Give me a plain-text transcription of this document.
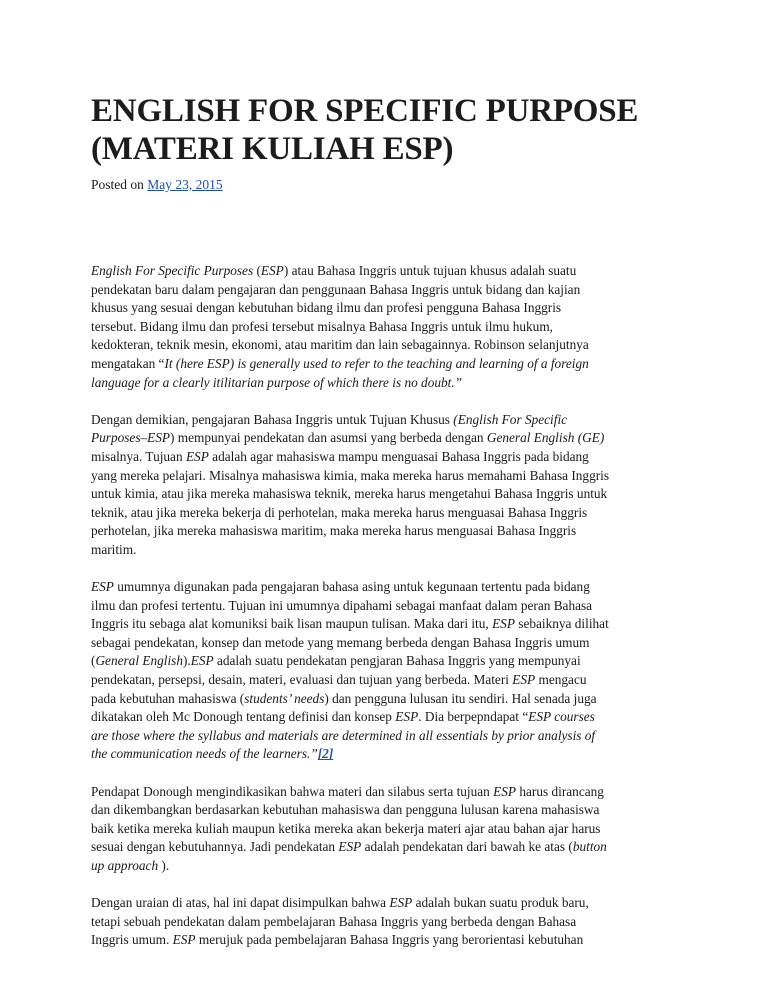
ENGLISH FOR SPECIFIC PURPOSE
(MATERI KULIAH ESP)
Posted on May 23, 2015

English For Specific Purposes (ESP) atau Bahasa Inggris untuk tujuan khusus adalah suatu
pendekatan baru dalam pengajaran dan penggunaan Bahasa Inggris untuk bidang dan kajian
khusus yang sesuai dengan kebutuhan bidang ilmu dan profesi pengguna Bahasa Inggris
tersebut. Bidang ilmu dan profesi tersebut misalnya Bahasa Inggris untuk ilmu hukum,
kedokteran, teknik mesin, ekonomi, atau maritim dan lain sebagainnya. Robinson selanjutnya
mengatakan “It (here ESP) is generally used to refer to the teaching and learning of a foreign
language for a clearly itilitarian purpose of which there is no doubt.”

Dengan demikian, pengajaran Bahasa Inggris untuk Tujuan Khusus (English For Specific
Purposes–ESP) mempunyai pendekatan dan asumsi yang berbeda dengan General English (GE)
misalnya. Tujuan ESP adalah agar mahasiswa mampu menguasai Bahasa Inggris pada bidang
yang mereka pelajari. Misalnya mahasiswa kimia, maka mereka harus memahami Bahasa Inggris
untuk kimia, atau jika mereka mahasiswa teknik, mereka harus mengetahui Bahasa Inggris untuk
teknik, atau jika mereka bekerja di perhotelan, maka mereka harus menguasai Bahasa Inggris
perhotelan, jika mereka mahasiswa maritim, maka mereka harus menguasai Bahasa Inggris
maritim.

ESP umumnya digunakan pada pengajaran bahasa asing untuk kegunaan tertentu pada bidang
ilmu dan profesi tertentu. Tujuan ini umumnya dipahami sebagai manfaat dalam peran Bahasa
Inggris itu sebaga alat komuniksi baik lisan maupun tulisan. Maka dari itu, ESP sebaiknya dilihat
sebagai pendekatan, konsep dan metode yang memang berbeda dengan Bahasa Inggris umum
(General English).ESP adalah suatu pendekatan pengjaran Bahasa Inggris yang mempunyai
pendekatan, persepsi, desain, materi, evaluasi dan tujuan yang berbeda. Materi ESP mengacu
pada kebutuhan mahasiswa (students’ needs) dan pengguna lulusan itu sendiri. Hal senada juga
dikatakan oleh Mc Donough tentang definisi dan konsep ESP. Dia berpepndapat “ESP courses
are those where the syllabus and materials are determined in all essentials by prior analysis of
the communication needs of the learners.”[2]

Pendapat Donough mengindikasikan bahwa materi dan silabus serta tujuan ESP harus dirancang
dan dikembangkan berdasarkan kebutuhan mahasiswa dan pengguna lulusan karena mahasiswa
baik ketika mereka kuliah maupun ketika mereka akan bekerja materi ajar atau bahan ajar harus
sesuai dengan kebutuhannya. Jadi pendekatan ESP adalah pendekatan dari bawah ke atas (button
up approach ).

Dengan uraian di atas, hal ini dapat disimpulkan bahwa ESP adalah bukan suatu produk baru,
tetapi sebuah pendekatan dalam pembelajaran Bahasa Inggris yang berbeda dengan Bahasa
Inggris umum. ESP merujuk pada pembelajaran Bahasa Inggris yang berorientasi kebutuhan
